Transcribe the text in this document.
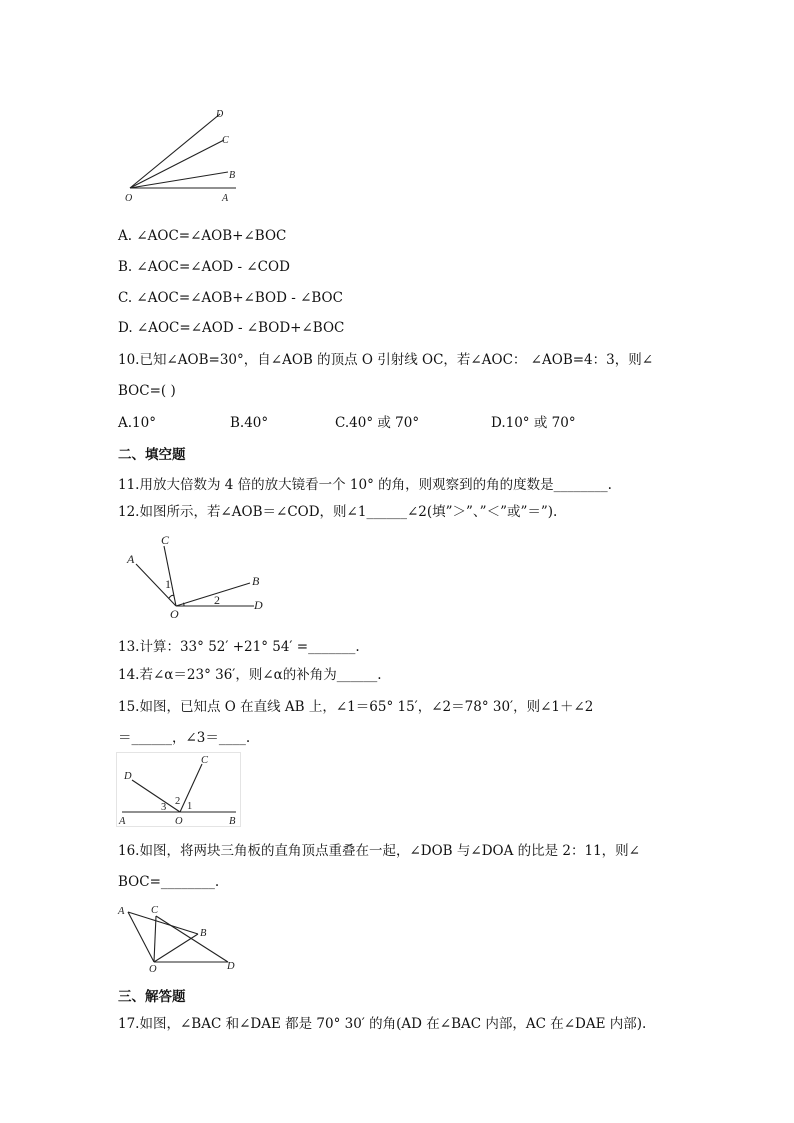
D
C
B
O	A
A. ∠AOC=∠AOB+∠BOC
B. ∠AOC=∠AOD - ∠COD
C. ∠AOC=∠AOB+∠BOD - ∠BOC
D. ∠AOC=∠AOD - ∠BOD+∠BOC
10.已知∠AOB=30°，自∠AOB 的顶点 O 引射线 OC，若∠AOC： ∠AOB=4：3，则∠
BOC=( )
A.10°	B.40°	C.40° 或 70°	D.10° 或 70°
二、填空题
11.用放大倍数为 4 倍的放大镜看一个 10° 的角，则观察到的角的度数是________.
12.如图所示，若∠AOB＝∠COD，则∠1______∠2(填”＞”、”＜”或”＝”).
A
C
B
D
O
1
2
13.计算：33° 52′ +21° 54′ =_______.
14.若∠α＝23° 36′，则∠α的补角为______.
15.如图，已知点 O 在直线 AB 上，∠1＝65° 15′，∠2＝78° 30′，则∠1＋∠2
＝______，∠3＝____.
D
C
A	O	B
3
2 1
16.如图，将两块三角板的直角顶点重叠在一起，∠DOB 与∠DOA 的比是 2：11，则∠
BOC=________.
A	C
B
O	D
三、解答题
17.如图，∠BAC 和∠DAE 都是 70° 30′ 的角(AD 在∠BAC 内部，AC 在∠DAE 内部).
